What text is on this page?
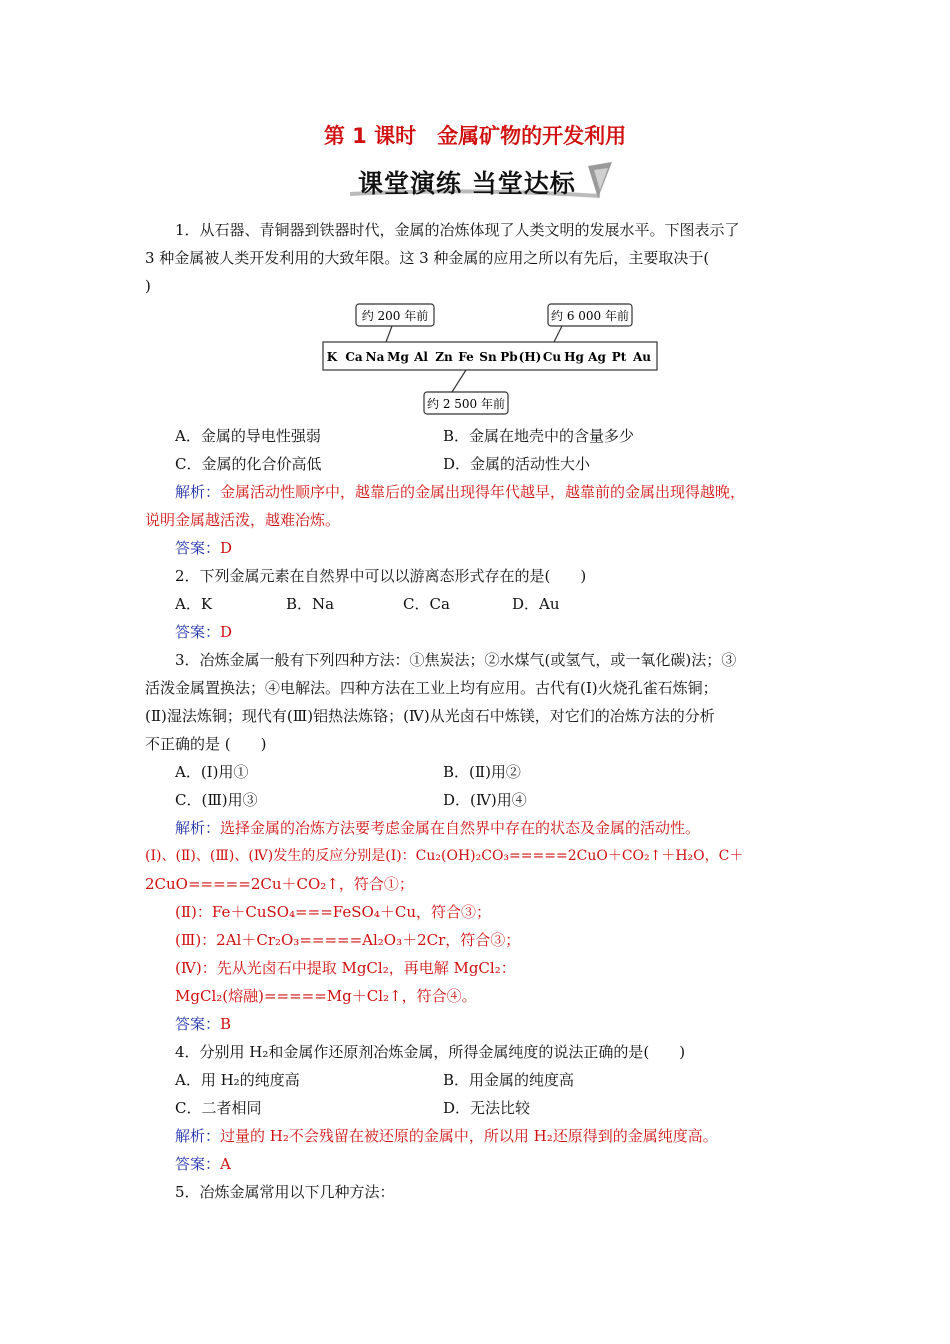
第 1 课时　金属矿物的开发利用
课堂演练 当堂达标
1．从石器、青铜器到铁器时代，金属的冶炼体现了人类文明的发展水平。下图表示了
3 种金属被人类开发利用的大致年限。这 3 种金属的应用之所以有先后，主要取决于(
)
约 200 年前	约 6 000 年前
约 2 500 年前
K Ca Na Mg Al Zn Fe Sn Pb (H) Cu Hg Ag Pt Au
A．金属的导电性强弱	B．金属在地壳中的含量多少
C．金属的化合价高低	D．金属的活动性大小
解析：金属活动性顺序中，越靠后的金属出现得年代越早，越靠前的金属出现得越晚，
说明金属越活泼，越难冶炼。
答案：D
2．下列金属元素在自然界中可以以游离态形式存在的是(　　)
A．K	B．Na	C．Ca	D．Au
答案：D
3．冶炼金属一般有下列四种方法：①焦炭法；②水煤气(或氢气，或一氧化碳)法；③
活泼金属置换法；④电解法。四种方法在工业上均有应用。古代有(Ⅰ)火烧孔雀石炼铜；
(Ⅱ)湿法炼铜；现代有(Ⅲ)铝热法炼铬；(Ⅳ)从光卤石中炼镁，对它们的冶炼方法的分析
不正确的是 (　　)
A．(Ⅰ)用①	B．(Ⅱ)用②
C．(Ⅲ)用③	D．(Ⅳ)用④
解析：选择金属的冶炼方法要考虑金属在自然界中存在的状态及金属的活动性。
(Ⅰ)、(Ⅱ)、(Ⅲ)、(Ⅳ)发生的反应分别是(Ⅰ)：Cu₂(OH)₂CO₃=====2CuO＋CO₂↑＋H₂O，C＋
2CuO=====2Cu＋CO₂↑，符合①；
(Ⅱ)：Fe＋CuSO₄===FeSO₄＋Cu，符合③；
(Ⅲ)：2Al＋Cr₂O₃=====Al₂O₃＋2Cr，符合③；
(Ⅳ)：先从光卤石中提取 MgCl₂，再电解 MgCl₂：
MgCl₂(熔融)=====Mg＋Cl₂↑，符合④。
答案：B
4．分别用 H₂和金属作还原剂冶炼金属，所得金属纯度的说法正确的是(　　)
A．用 H₂的纯度高	B．用金属的纯度高
C．二者相同	D．无法比较
解析：过量的 H₂不会残留在被还原的金属中，所以用 H₂还原得到的金属纯度高。
答案：A
5．冶炼金属常用以下几种方法：
